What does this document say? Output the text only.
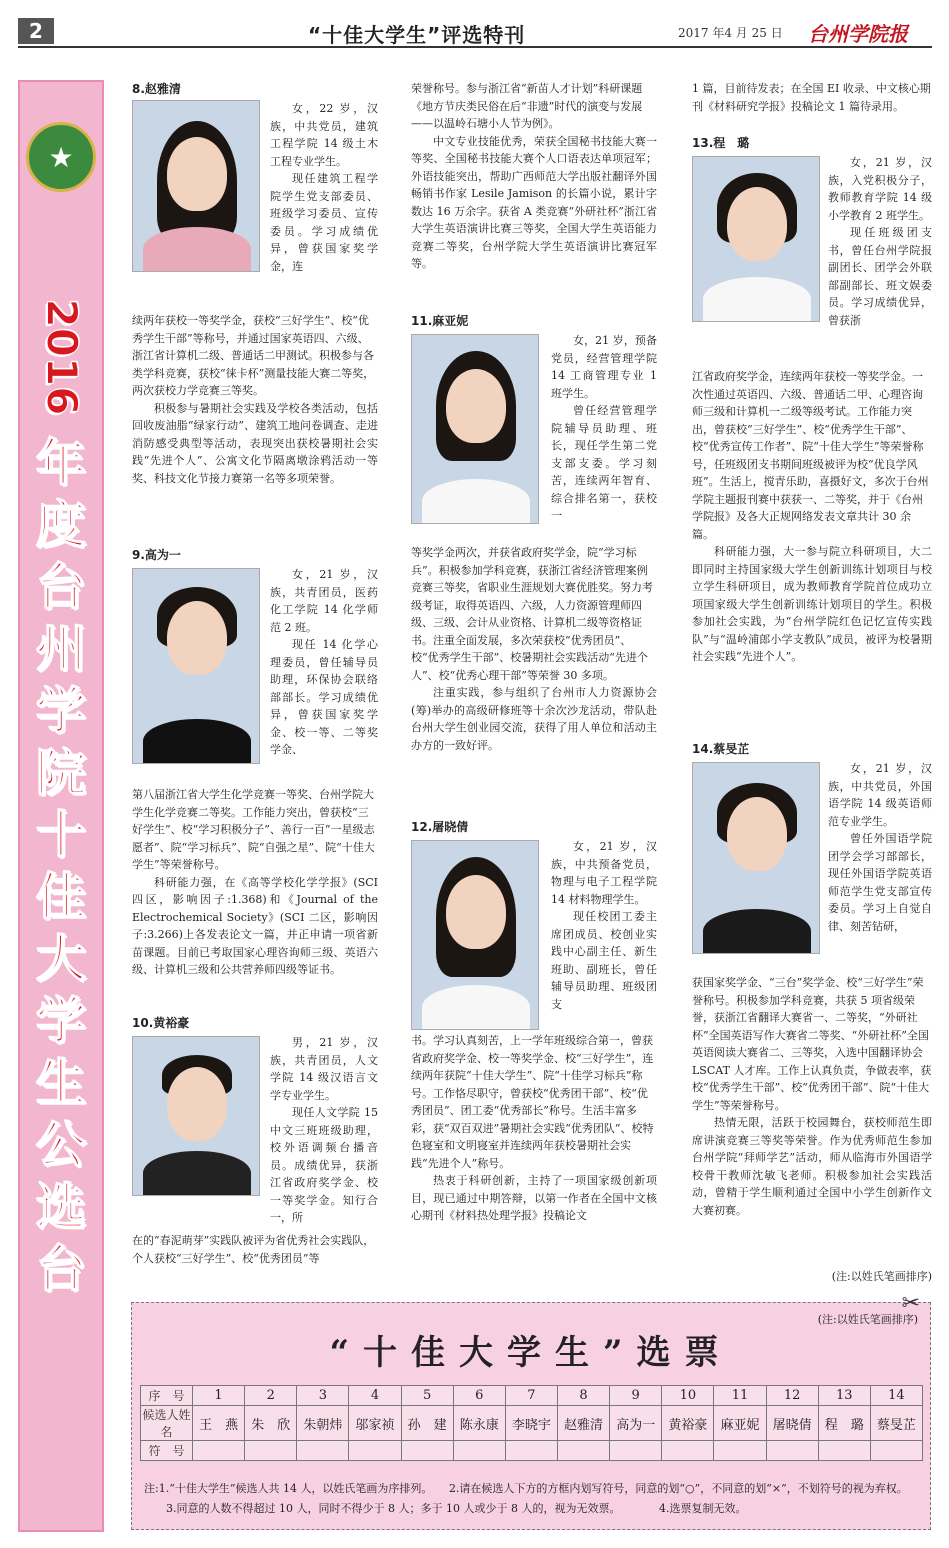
2	“十佳大学生”评选特刊	2017 年4 月 25 日 台州学院报
★
2016
年
度
台
州
学
院
十
佳
大
学
生
公
选
台
8.赵雅清

女，22 岁，汉族，中共党员，建筑工程学院 14 级土木工程专业学生。

现任建筑工程学院学生党支部委员、班级学习委员、宣传委员。学习成绩优异，曾获国家奖学金，连

续两年获校一等奖学金，获校“三好学生”、校“优秀学生干部”等称号，并通过国家英语四、六级、浙江省计算机二级、普通话二甲测试。积极参与各类学科竞赛，获校“徕卡杯”测量技能大赛二等奖，两次获校力学竞赛三等奖。

积极参与暑期社会实践及学校各类活动，包括回收废油脂“绿家行动”、建筑工地问卷调查、走进消防感受典型等活动，表现突出获校暑期社会实践“先进个人”、公寓文化节隔离墩涂鸦活动一等奖、科技文化节接力赛第一名等多项荣誉。

9.高为一

女，21 岁，汉族，共青团员，医药化工学院 14 化学师范 2 班。

现任 14 化学心理委员，曾任辅导员助理，环保协会联络部部长。学习成绩优异，曾获国家奖学金、校一等、二等奖学金、

第八届浙江省大学生化学竞赛一等奖、台州学院大学生化学竞赛二等奖。工作能力突出，曾获校“三好学生”、校“学习积极分子”、善行一百“一星级志愿者”、院“学习标兵”、院“自强之星”、院“十佳大学生”等荣誉称号。

科研能力强，在《高等学校化学学报》(SCI 四区，影响因子:1.368)和《Journal of the Electrochemical Society》(SCI 二区，影响因子:3.266)上各发表论文一篇，并正申请一项省新苗课题。目前已考取国家心理咨询师三级、英语六级、计算机三级和公共营养师四级等证书。

10.黄裕豪

男，21 岁，汉族，共青团员，人文学院 14 级汉语言文学专业学生。

现任人文学院 15 中文三班班级助理，校外语调频台播音员。成绩优异，获浙江省政府奖学金、校一等奖学金。知行合一，所

在的“春泥萌芽”实践队被评为省优秀社会实践队，个人获校“三好学生”、校“优秀团员”等

荣誉称号。参与浙江省“新苗人才计划”科研课题《地方节庆类民俗在后“非遗”时代的演变与发展——以温岭石塘小人节为例》。

中文专业技能优秀，荣获全国秘书技能大赛一等奖、全国秘书技能大赛个人口语表达单项冠军；外语技能突出，帮助广西师范大学出版社翻译外国畅销书作家 Lesile Jamison 的长篇小说，累计字数达 16 万余字。获省 A 类竞赛“外研社杯”浙江省大学生英语演讲比赛三等奖，全国大学生英语能力竞赛二等奖，台州学院大学生英语演讲比赛冠军等。

11.麻亚妮

女，21 岁，预备党员，经营管理学院 14 工商管理专业 1 班学生。

曾任经营管理学院辅导员助理、班长，现任学生第二党支部支委。学习刻苦，连续两年智育、综合排名第一，获校一

等奖学金两次，并获省政府奖学金，院“学习标兵”。积极参加学科竞赛，获浙江省经济管理案例竞赛三等奖，省职业生涯规划大赛优胜奖。努力考级考证，取得英语四、六级，人力资源管理师四级、三级、会计从业资格、计算机二级等资格证书。注重全面发展，多次荣获校“优秀团员”、校“优秀学生干部”、校暑期社会实践活动“先进个人”、校“优秀心理干部”等荣誉 30 多项。

注重实践，参与组织了台州市人力资源协会(筹)举办的高级研修班等十余次沙龙活动，带队赴台州大学生创业园交流，获得了用人单位和活动主办方的一致好评。

12.屠晓倩

女，21 岁，汉族，中共预备党员，物理与电子工程学院 14 材料物理学生。

现任校团工委主席团成员、校创业实践中心副主任、新生班助、副班长，曾任辅导员助理、班级团支

书。学习认真刻苦，上一学年班级综合第一，曾获省政府奖学金、校一等奖学金、校“三好学生”，连续两年获院“十佳大学生”、院“十佳学习标兵”称号。工作恪尽职守，曾获校“优秀团干部”、校“优秀团员”、团工委“优秀部长”称号。生活丰富多彩，获“双百双进”暑期社会实践“优秀团队”、校特色寝室和文明寝室并连续两年获校暑期社会实践“先进个人”称号。

热衷于科研创新，主持了一项国家级创新项目，现已通过中期答辩，以第一作者在全国中文核心期刊《材料热处理学报》投稿论文

1 篇，目前待发表；在全国 EI 收录、中文核心期刊《材料研究学报》投稿论文 1 篇待录用。

13.程　璐

女，21 岁，汉族，入党积极分子，教师教育学院 14 级小学教育 2 班学生。

现任班级团支书，曾任台州学院报副团长、团学会外联部副部长、班文娱委员。学习成绩优异，曾获浙

江省政府奖学金，连续两年获校一等奖学金。一次性通过英语四、六级、普通话二甲、心理咨询师三级和计算机一二级等级考试。工作能力突出，曾获校“三好学生”、校“优秀学生干部”、校“优秀宣传工作者”、院“十佳大学生”等荣誉称号，任班级团支书期间班级被评为校“优良学风班”。生活上，搅青乐助，喜摄好文，多次于台州学院主题报刊赛中获获一、二等奖，并于《台州学院报》及各大正规网络发表文章共计 30 余篇。

科研能力强，大一参与院立科研项目，大二即同时主持国家级大学生创新训练计划项目与校立学生科研项目，成为教师教育学院首位成功立项国家级大学生创新训练计划项目的学生。积极参加社会实践，为“台州学院红色记忆宣传实践队”与“温岭浦郎小学支教队”成员，被评为校暑期社会实践“先进个人”。

14.蔡旻芷

女，21 岁，汉族，中共党员，外国语学院 14 级英语师范专业学生。

曾任外国语学院团学会学习部部长，现任外国语学院英语师范学生党支部宣传委员。学习上自觉自律、刻苦钻研，

获国家奖学金、“三台”奖学金、校“三好学生”荣誉称号。积极参加学科竞赛，共获 5 项省级荣誉，获浙江省翻译大赛省一、二等奖，“外研社杯”全国英语写作大赛省二等奖、“外研社杯”全国英语阅读大赛省二、三等奖，入选中国翻译协会 LSCAT 人才库。工作上认真负责，争做表率，获校“优秀学生干部”、校“优秀团干部”、院“十佳大学生”等荣誉称号。

热情无限，活跃于校园舞台，获校师范生即席讲演竞赛三等奖等荣誉。作为优秀师范生参加台州学院“拜师学艺”活动，师从临海市外国语学校骨干教师沈敏飞老师。积极参加社会实践活动，曾精于学生顺利通过全国中小学生创新作文大赛初赛。

(注:以姓氏笔画排序)
✂
(注:以姓氏笔画排序)
“十佳大学生”选票
序　号	1	2	3	4	5	6	7	8	9	10	11	12	13	14
候选人姓　名	王　燕	朱　欣	朱朝炜	邬家祯	孙　建	陈永康	李晓宇	赵雅清	高为一	黄裕豪	麻亚妮	屠晓倩	程　璐	蔡旻芷
符　号														
注:1.“十佳大学生”候选人共 14 人，以姓氏笔画为序排列。　　 2.请在候选人下方的方框内划写符号，同意的划“○”，不同意的划“×”，不划符号的视为弃权。
　　3.同意的人数不得超过 10 人，同时不得少于 8 人；多于 10 人或少于 8 人的，视为无效票。　　　　	4.选票复制无效。
